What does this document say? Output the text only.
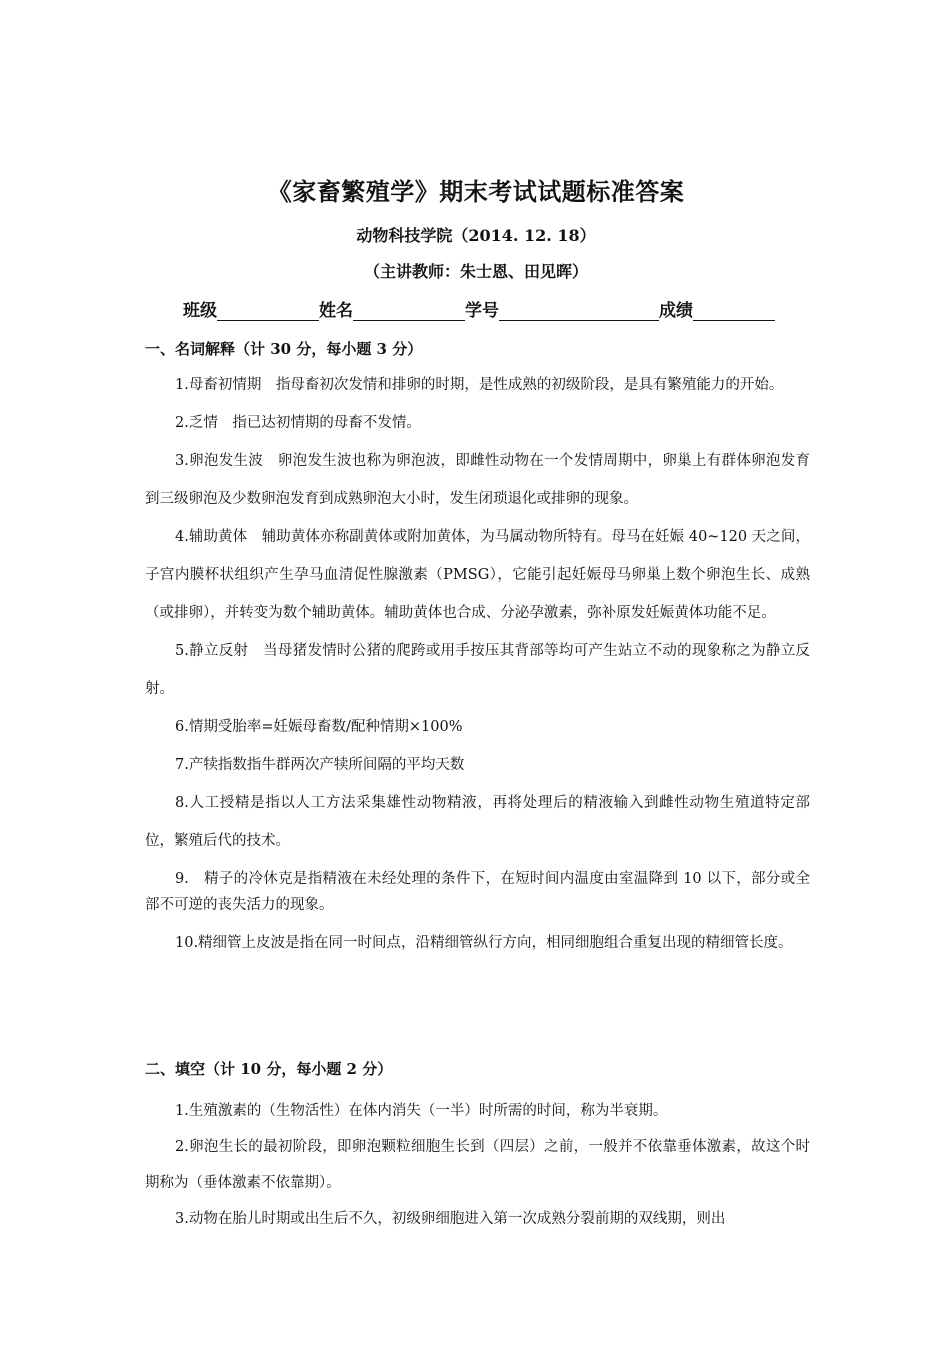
《家畜繁殖学》期末考试试题标准答案
动物科技学院（2014. 12. 18）
（主讲教师：朱士恩、田见晖）
班级	姓名	学号	成绩
一、名词解释（计 30 分，每小题 3 分）

1.母畜初情期　指母畜初次发情和排卵的时期，是性成熟的初级阶段，是具有繁殖能力的开始。

2.乏情　指已达初情期的母畜不发情。

3.卵泡发生波　卵泡发生波也称为卵泡波，即雌性动物在一个发情周期中，卵巢上有群体卵泡发育到三级卵泡及少数卵泡发育到成熟卵泡大小时，发生闭琐退化或排卵的现象。

4.辅助黄体　辅助黄体亦称副黄体或附加黄体，为马属动物所特有。母马在妊娠 40~120 天之间，子宫内膜杯状组织产生孕马血清促性腺激素（PMSG），它能引起妊娠母马卵巢上数个卵泡生长、成熟（或排卵），并转变为数个辅助黄体。辅助黄体也合成、分泌孕激素，弥补原发妊娠黄体功能不足。

5.静立反射　当母猪发情时公猪的爬跨或用手按压其背部等均可产生站立不动的现象称之为静立反射。

6.情期受胎率=妊娠母畜数/配种情期×100%

7.产犊指数指牛群两次产犊所间隔的平均天数

8.人工授精是指以人工方法采集雄性动物精液，再将处理后的精液输入到雌性动物生殖道特定部位，繁殖后代的技术。

9.　精子的冷休克是指精液在未经处理的条件下，在短时间内温度由室温降到 10 以下，部分或全部不可逆的丧失活力的现象。

10.精细管上皮波是指在同一时间点，沿精细管纵行方向，相同细胞组合重复出现的精细管长度。

二、填空（计 10 分，每小题 2 分）

1.生殖激素的（生物活性）在体内消失（一半）时所需的时间，称为半衰期。

2.卵泡生长的最初阶段，即卵泡颗粒细胞生长到（四层）之前，一般并不依靠垂体激素，故这个时期称为（垂体激素不依靠期）。

3.动物在胎儿时期或出生后不久，初级卵细胞进入第一次成熟分裂前期的双线期，则出
